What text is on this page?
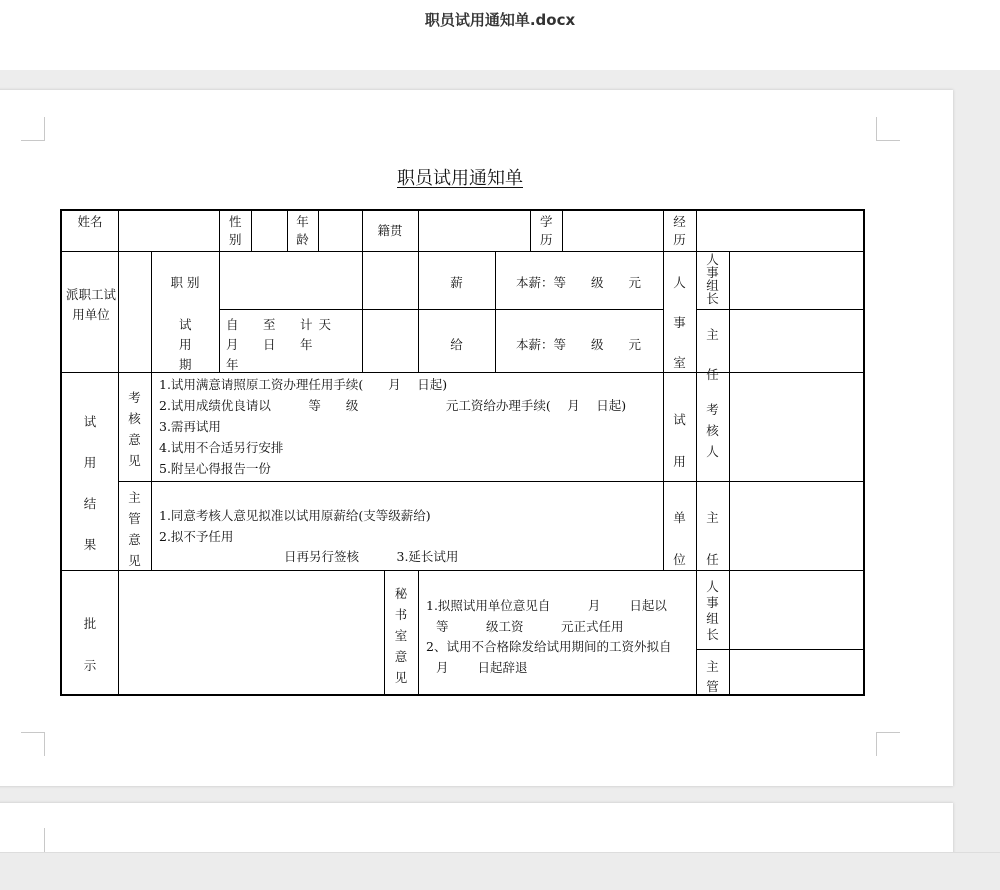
职员试用通知单.docx
职员试用通知单
姓名	性别
年龄
籍贯
学历
经历
派职工试用单位
职 别	薪
给
本薪：等　　级　　元
本薪：等　　级　　元
人事室
人事组长
主任
试用期
自　至　计天　月　日　年　年　
试用结果
考核意见
1.试用满意请照原工资办理任用手续(　　月　 日起)
2.试用成绩优良请以　　　等　　级　　　　　　　元工资给办理手续(　 月　 日起)
3.需再试用
4.试用不合适另行安排
5.附呈心得报告一份
主管意见
1.同意考核人意见拟准以试用原薪给(支等级薪给)
2.拟不予任用
日再另行签核　　　3.延长试用
试用
单位
考核人
主任
批示
秘书室意见
1.拟照试用单位意见自　　　月　　 日起以
等　　　级工资　　　元正式任用
2、试用不合格除发给试用期间的工资外拟自
月　　 日起辞退
人事组长
主管
